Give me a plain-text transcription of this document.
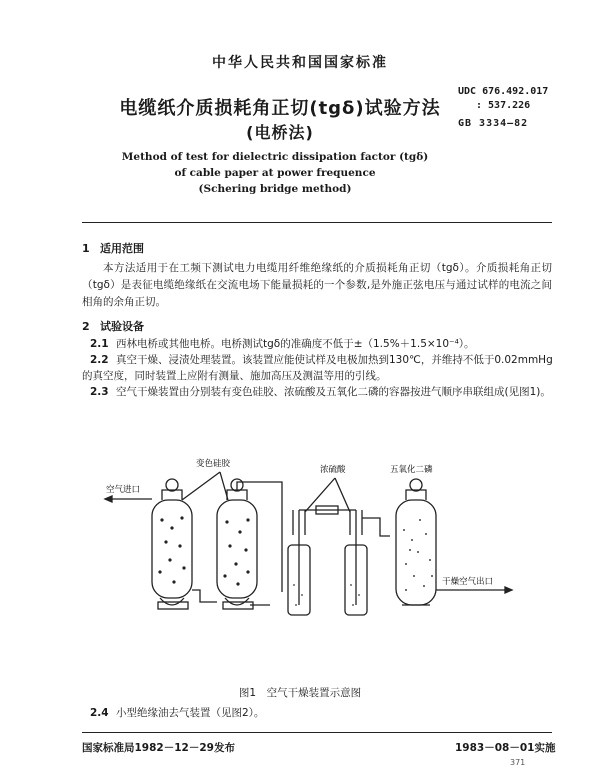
中华人民共和国国家标准
电缆纸介质损耗角正切(tgδ)试验方法
(电桥法)
UDC 676.492.017
: 537.226
GB 3334—82
Method of test for dielectric dissipation factor (tgδ)
of cable paper at power frequence
(Schering bridge method)
1 适用范围
本方法适用于在工频下测试电力电缆用纤维绝缘纸的介质损耗角正切（tgδ）。介质损耗角正切（tgδ）是表征电缆绝缘纸在交流电场下能量损耗的一个参数,是外施正弦电压与通过试样的电流之间相角的余角正切。
2 试验设备
2.1 西林电桥或其他电桥。电桥测试tgδ的准确度不低于±（1.5%＋1.5×10⁻⁴）。
2.2 真空干燥、浸渍处理装置。该装置应能使试样及电极加热到130℃，并维持不低于0.02mmHg
的真空度，同时装置上应附有测量、施加高压及测温等用的引线。
2.3 空气干燥装置由分别装有变色硅胶、浓硫酸及五氧化二磷的容器按进气顺序串联组成(见图1)。
变色硅胶
浓硫酸	五氧化二磷
空气进口
干燥空气出口
图1　空气干燥装置示意图
2.4 小型绝缘油去气装置（见图2）。
国家标准局1982－12－29发布	1983－08－01实施
371
